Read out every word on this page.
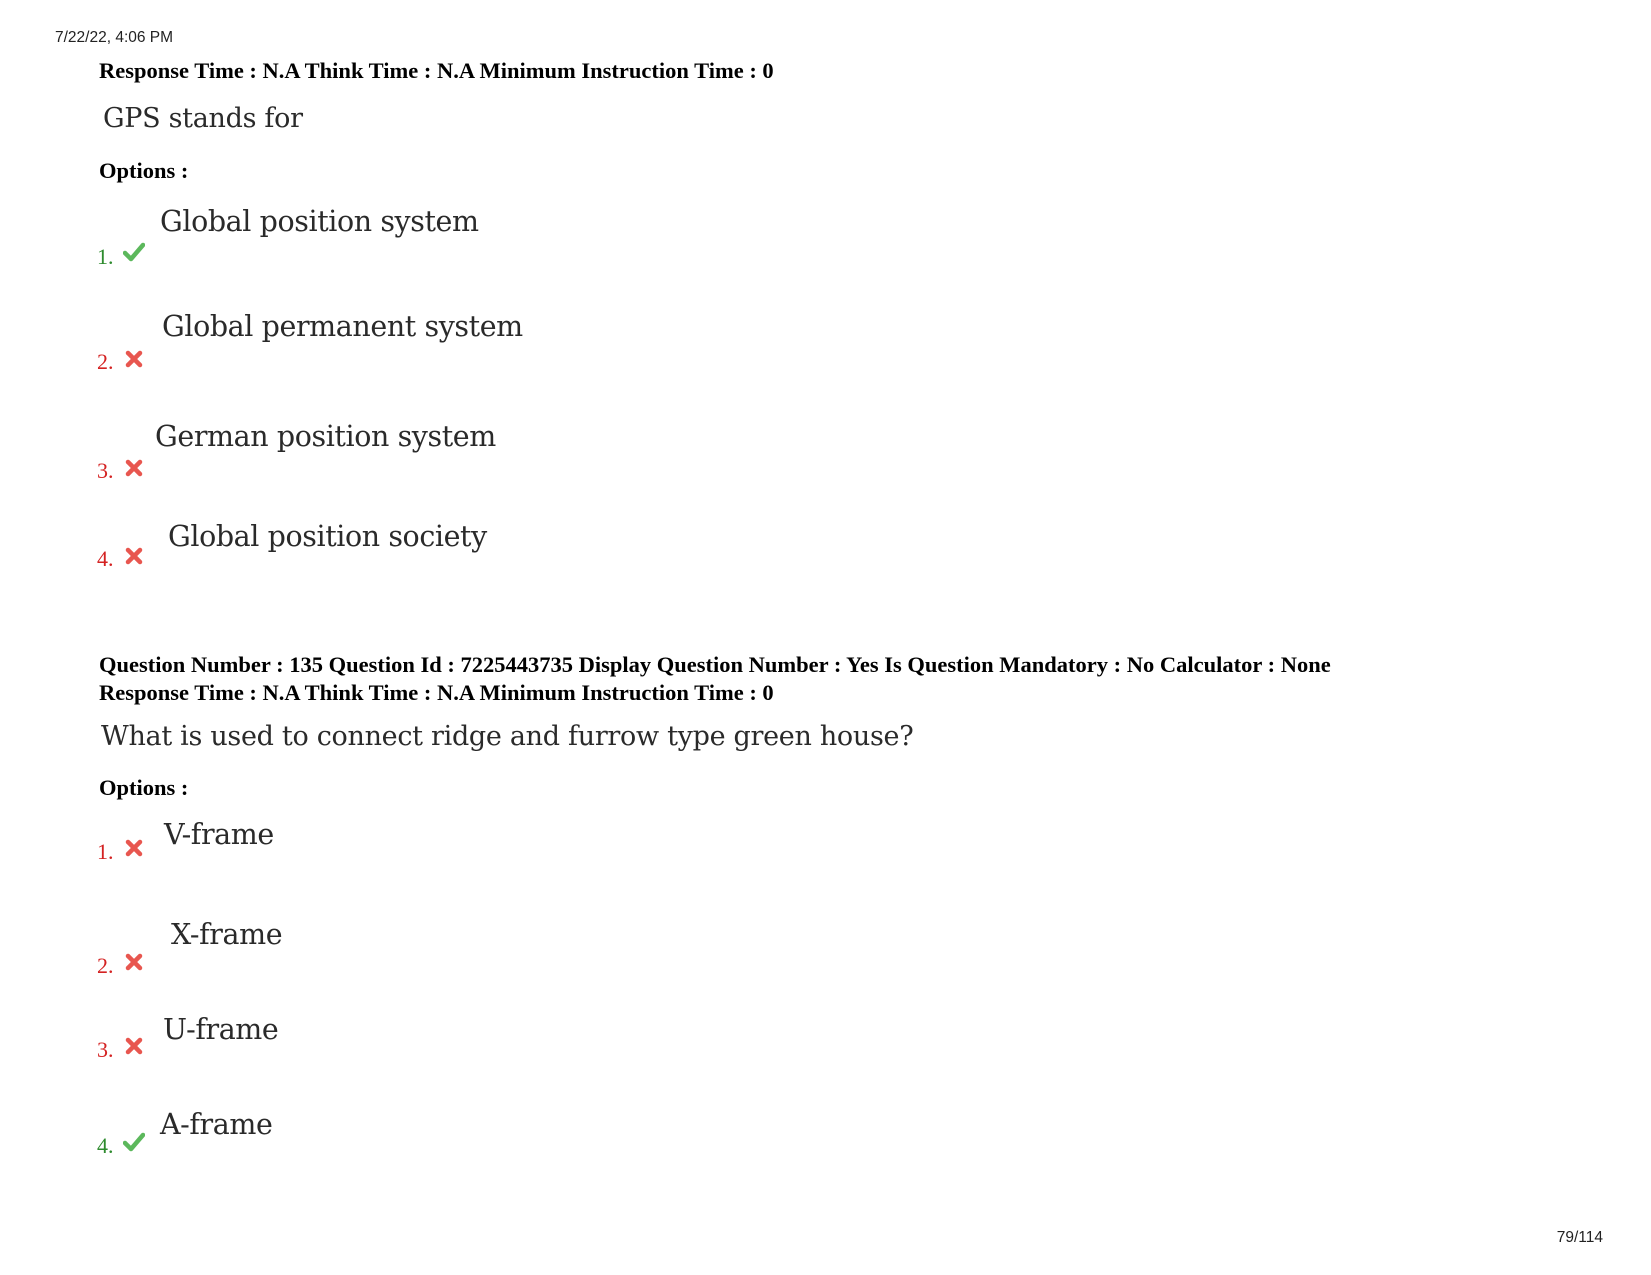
7/22/22, 4:06 PM
Response Time : N.A Think Time : N.A Minimum Instruction Time : 0
GPS stands for
Options :
1.
Global position system
2.
Global permanent system
3.
German position system
4.
Global position society
Question Number : 135 Question Id : 7225443735 Display Question Number : Yes Is Question Mandatory : No Calculator : None
Response Time : N.A Think Time : N.A Minimum Instruction Time : 0
What is used to connect ridge and furrow type green house?
Options :
1.
V-frame
2.
X-frame
3.
U-frame
4.
A-frame
79/114
